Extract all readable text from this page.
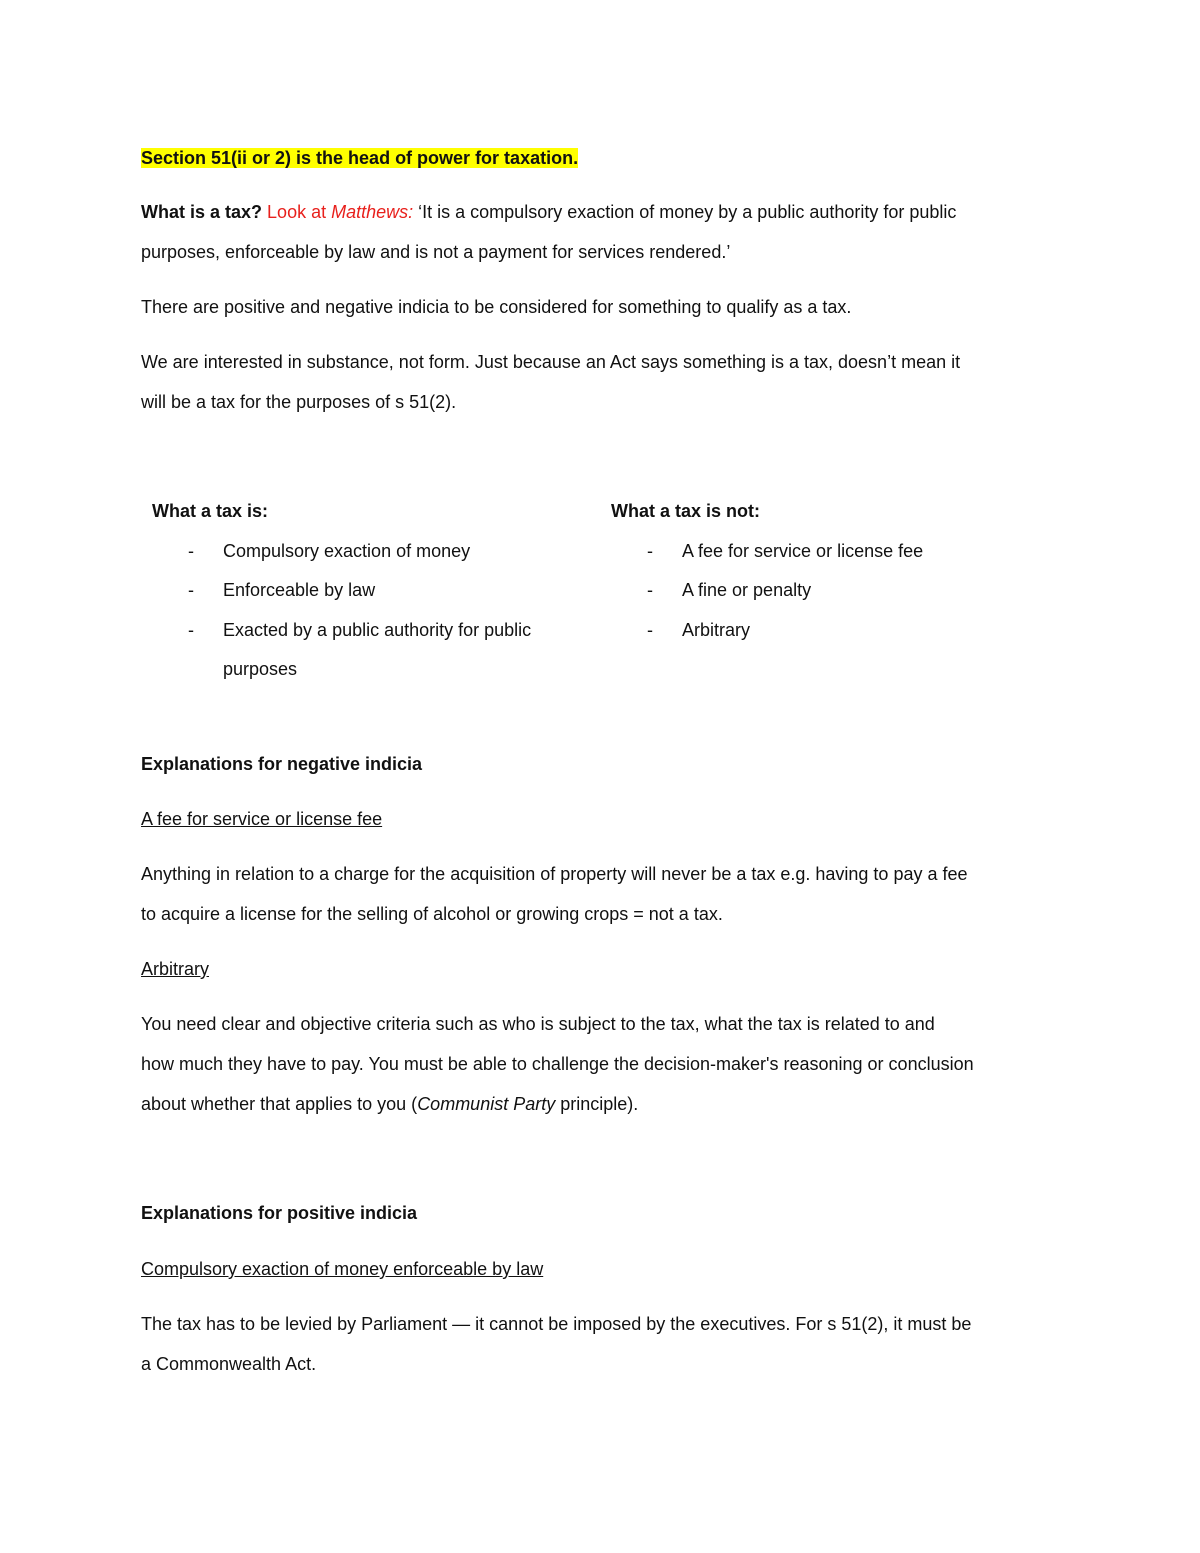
Section 51(ii or 2) is the head of power for taxation.
What is a tax? Look at Matthews: ‘It is a compulsory exaction of money by a public authority for public
purposes, enforceable by law and is not a payment for services rendered.’
There are positive and negative indicia to be considered for something to qualify as a tax.
We are interested in substance, not form. Just because an Act says something is a tax, doesn’t mean it
will be a tax for the purposes of s 51(2).
What a tax is:
- Compulsory exaction of money
- Enforceable by law
- Exacted by a public authority for public
purposes
What a tax is not:
- A fee for service or license fee
- A fine or penalty
- Arbitrary
Explanations for negative indicia
A fee for service or license fee
Anything in relation to a charge for the acquisition of property will never be a tax e.g. having to pay a fee
to acquire a license for the selling of alcohol or growing crops = not a tax.
Arbitrary
You need clear and objective criteria such as who is subject to the tax, what the tax is related to and
how much they have to pay. You must be able to challenge the decision-maker's reasoning or conclusion
about whether that applies to you (Communist Party principle).
Explanations for positive indicia
Compulsory exaction of money enforceable by law
The tax has to be levied by Parliament — it cannot be imposed by the executives. For s 51(2), it must be
a Commonwealth Act.
